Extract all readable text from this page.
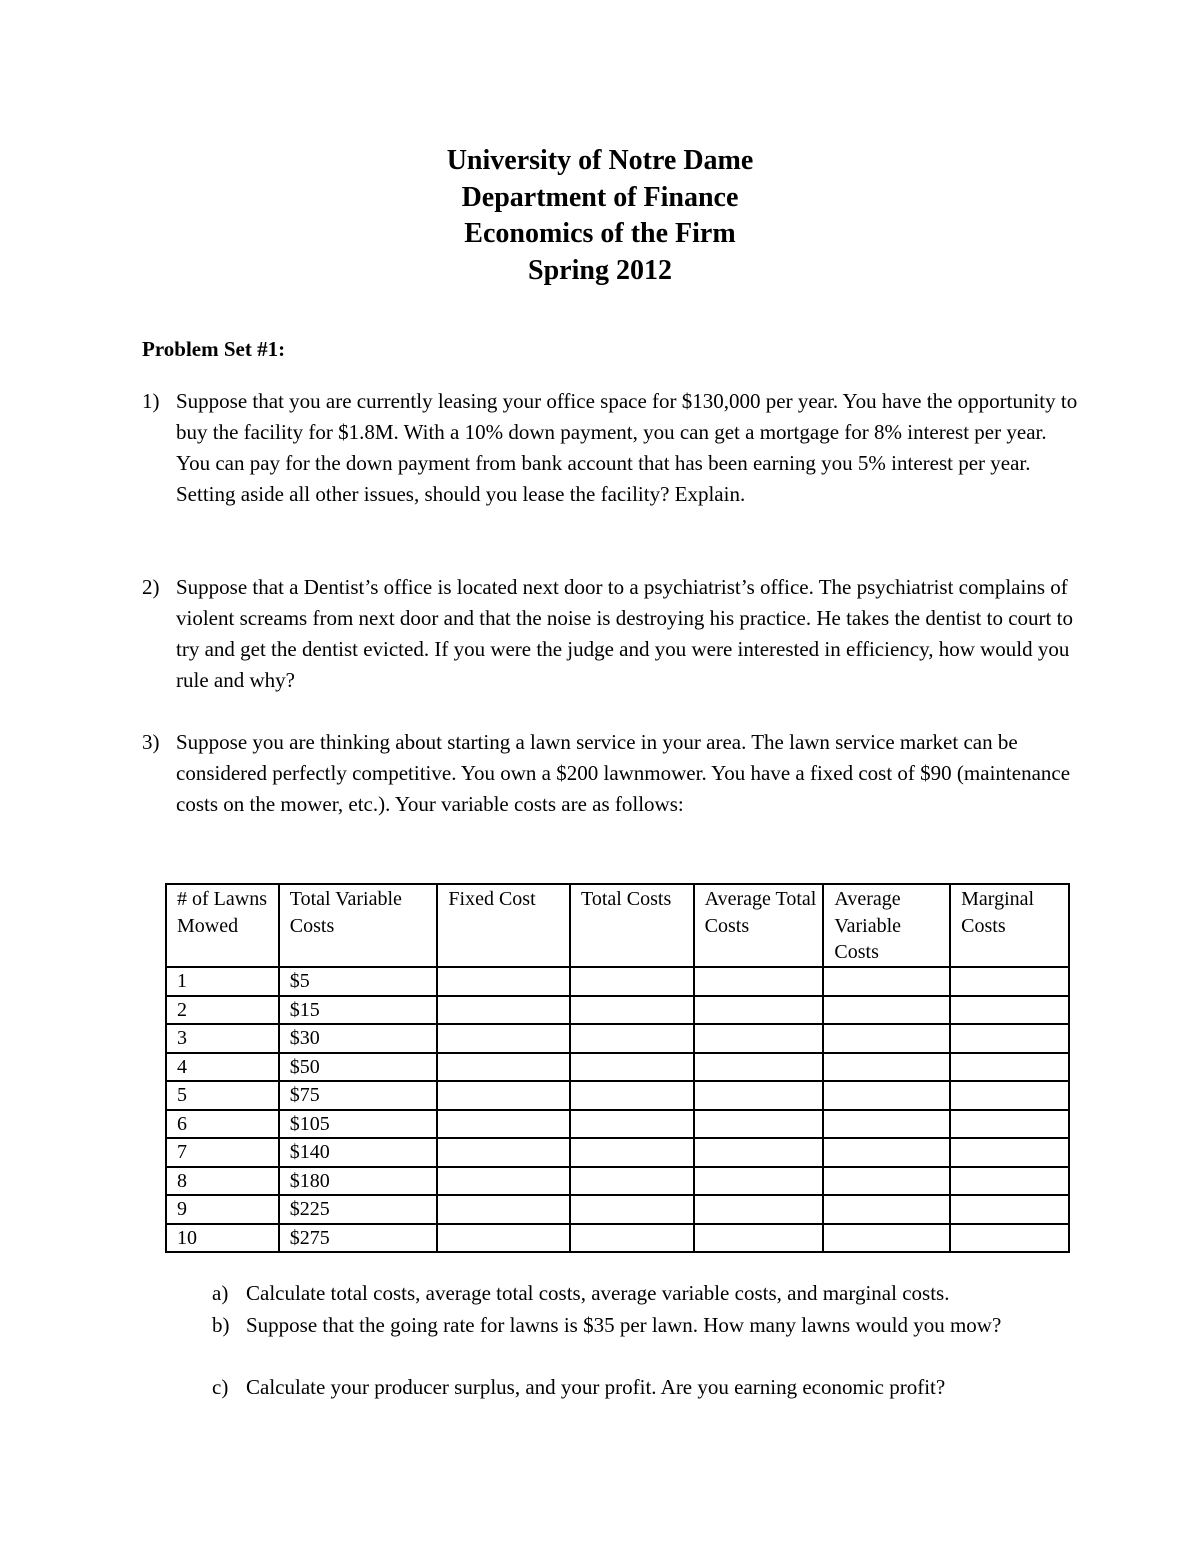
University of Notre Dame
Department of Finance
Economics of the Firm
Spring 2012
Problem Set #1:
1) Suppose that you are currently leasing your office space for $130,000 per year. You have the opportunity to buy the facility for $1.8M. With a 10% down payment, you can get a mortgage for 8% interest per year. You can pay for the down payment from bank account that has been earning you 5% interest per year. Setting aside all other issues, should you lease the facility? Explain.
2) Suppose that a Dentist’s office is located next door to a psychiatrist’s office. The psychiatrist complains of violent screams from next door and that the noise is destroying his practice. He takes the dentist to court to try and get the dentist evicted. If you were the judge and you were interested in efficiency, how would you rule and why?
3) Suppose you are thinking about starting a lawn service in your area. The lawn service market can be considered perfectly competitive. You own a $200 lawnmower. You have a fixed cost of $90 (maintenance costs on the mower, etc.). Your variable costs are as follows:
# of Lawns Mowed	Total Variable Costs	Fixed Cost	Total Costs	Average Total Costs	Average Variable Costs	Marginal Costs
1	$5					
2	$15					
3	$30					
4	$50					
5	$75					
6	$105					
7	$140					
8	$180					
9	$225					
10	$275					
a) Calculate total costs, average total costs, average variable costs, and marginal costs.
b) Suppose that the going rate for lawns is $35 per lawn. How many lawns would you mow?
c) Calculate your producer surplus, and your profit. Are you earning economic profit?
